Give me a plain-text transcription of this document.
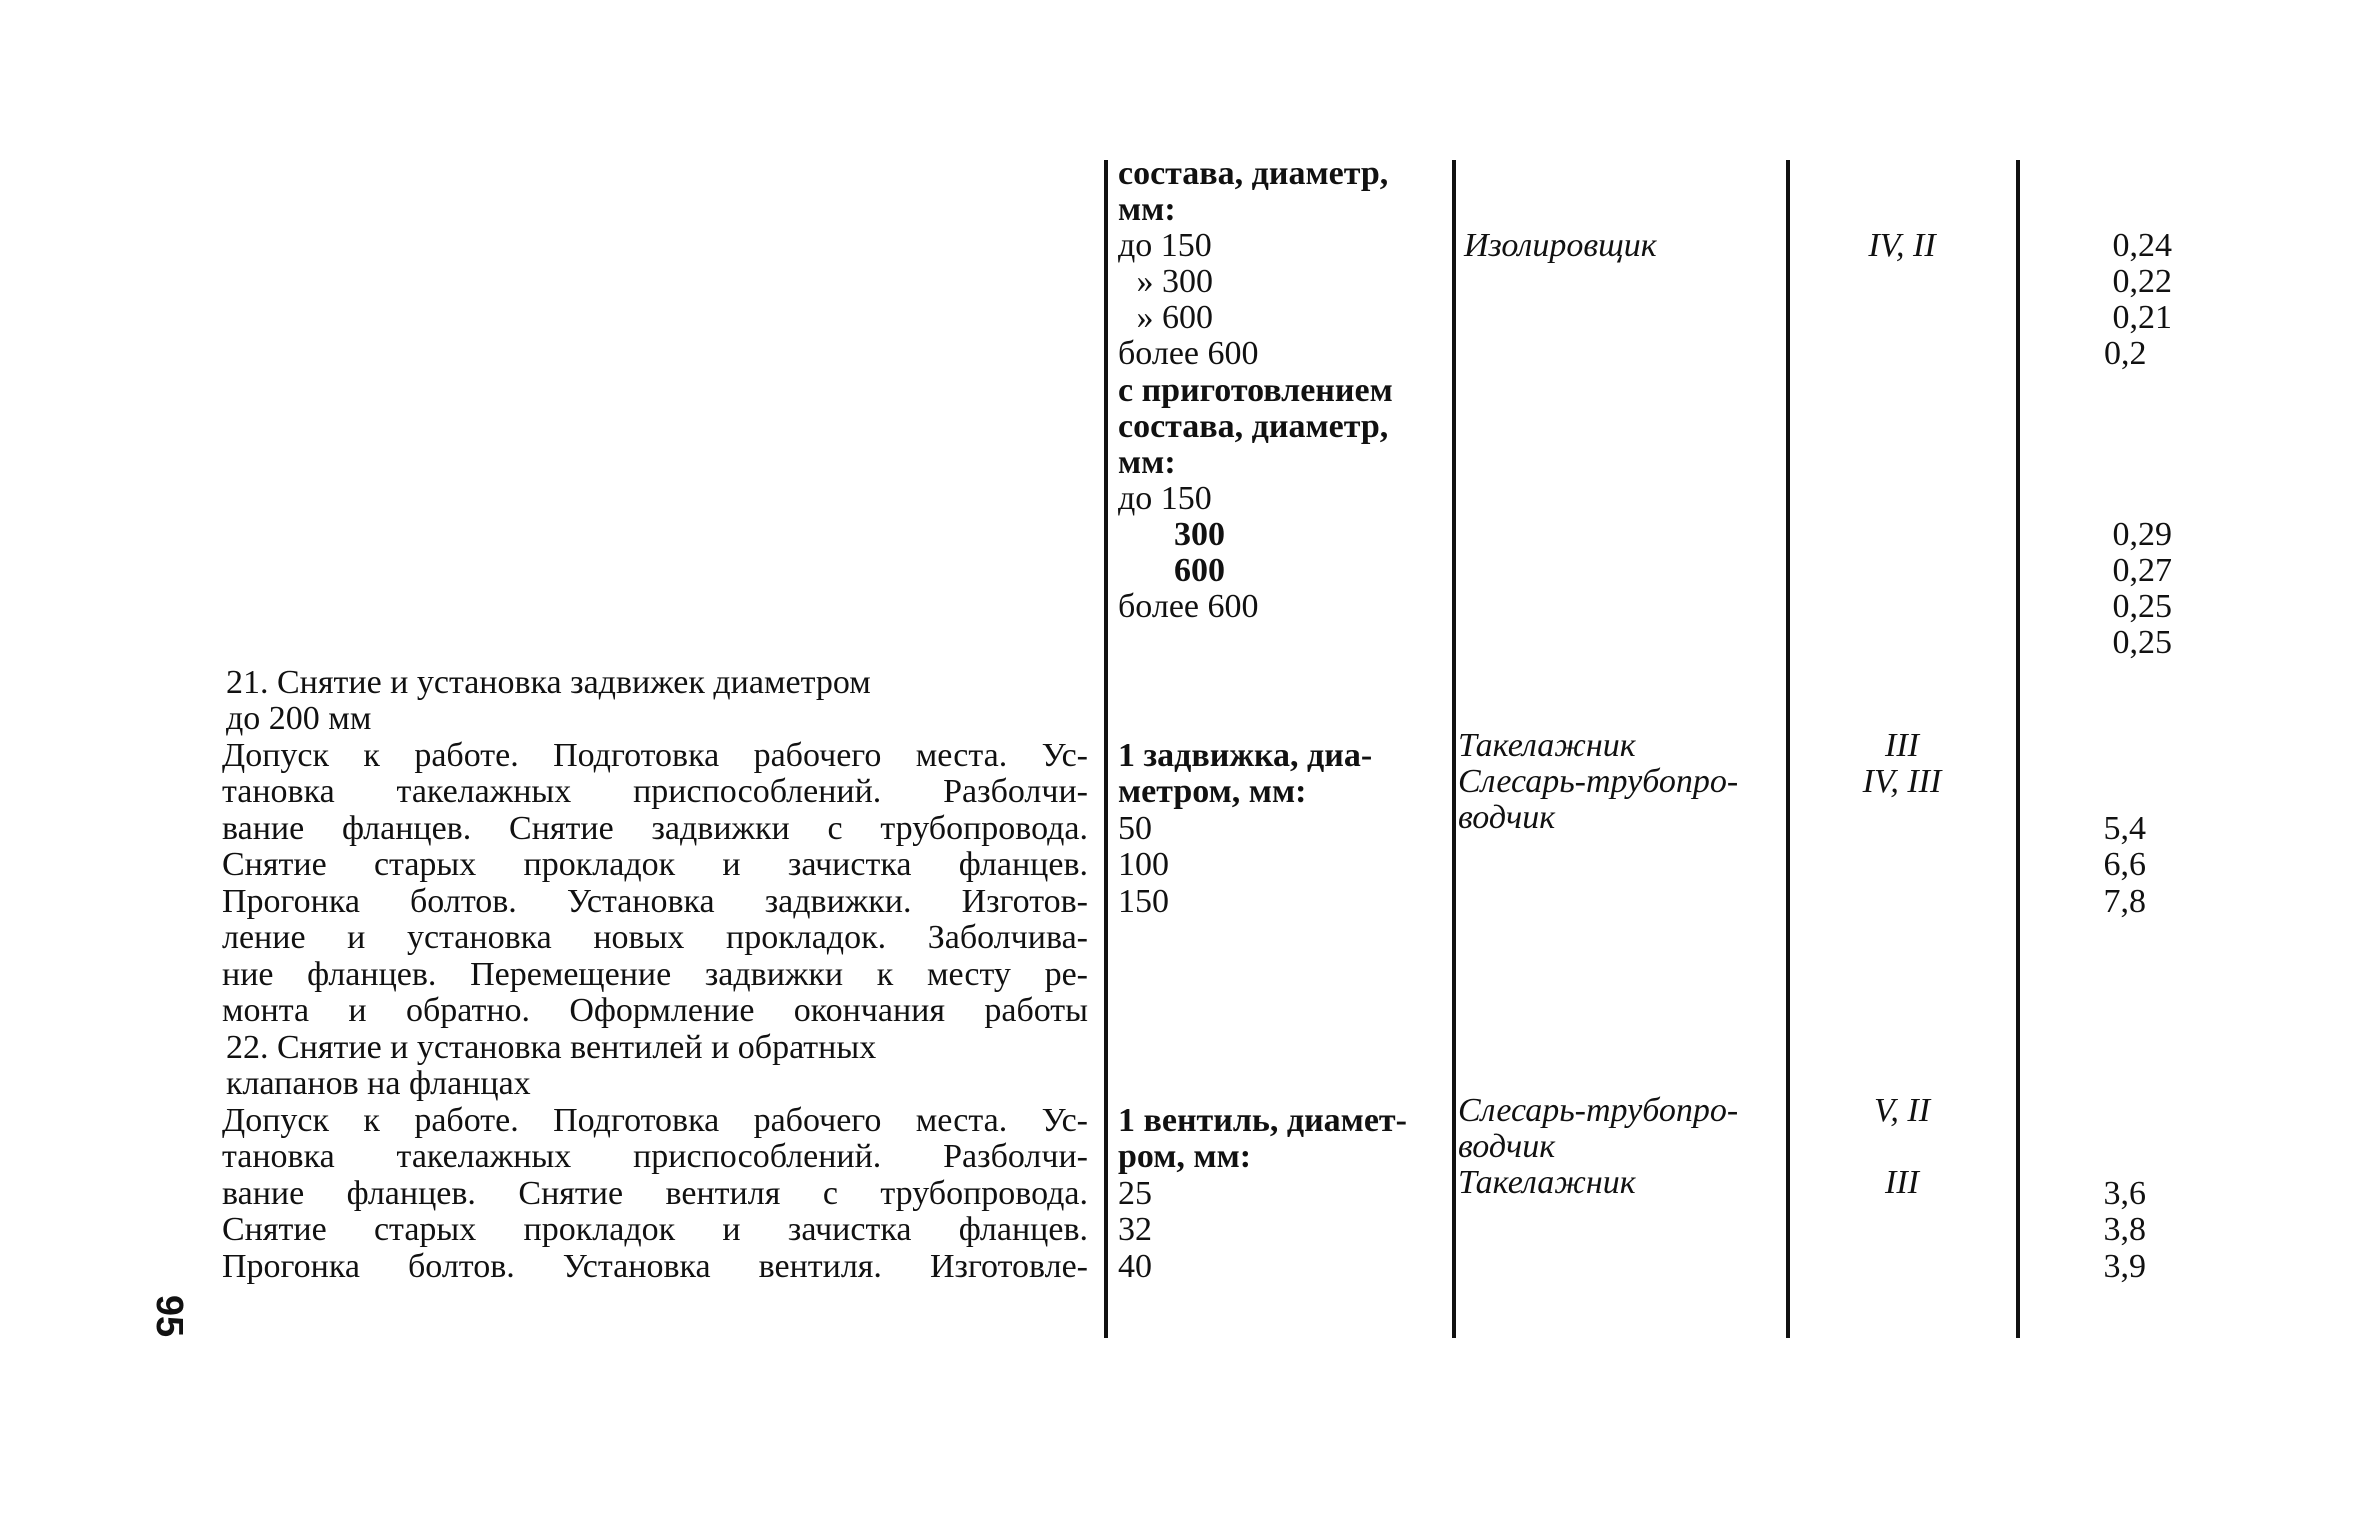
95

21. Снятие и установка задвижек диаметром

до 200 мм

Допуск к работе. Подготовка рабочего места. Ус-

тановка такелажных приспособлений. Разболчи-

вание фланцев. Снятие задвижки с трубопровода.

Снятие старых прокладок и зачистка фланцев.

Прогонка болтов. Установка задвижки. Изготов-

ление и установка новых прокладок. Заболчива-

ние фланцев. Перемещение задвижки к месту ре-

монта и обратно. Оформление окончания работы

22. Снятие и установка вентилей и обратных

клапанов на фланцах

Допуск к работе. Подготовка рабочего места. Ус-

тановка такелажных приспособлений. Разболчи-

вание фланцев. Снятие вентиля с трубопровода.

Снятие старых прокладок и зачистка фланцев.

Прогонка болтов. Установка вентиля. Изготовле-

состава, диаметр,

мм:

до 150

» 300

» 600

более 600

с приготовлением

состава, диаметр,

мм:

до 150

300

600

более 600

1 задвижка, диа-

метром, мм:

50

100

150

1 вентиль, диамет-

ром, мм:

25

32

40

Изолировщик

Такелажник

Слесарь-трубопро-

водчик

Слесарь-трубопро-

водчик

Такелажник

IV, II

III

IV, III

V, II

III

0,24

0,22

0,21

0,2

0,29

0,27

0,25

0,25

5,4

6,6

7,8

3,6

3,8

3,9
